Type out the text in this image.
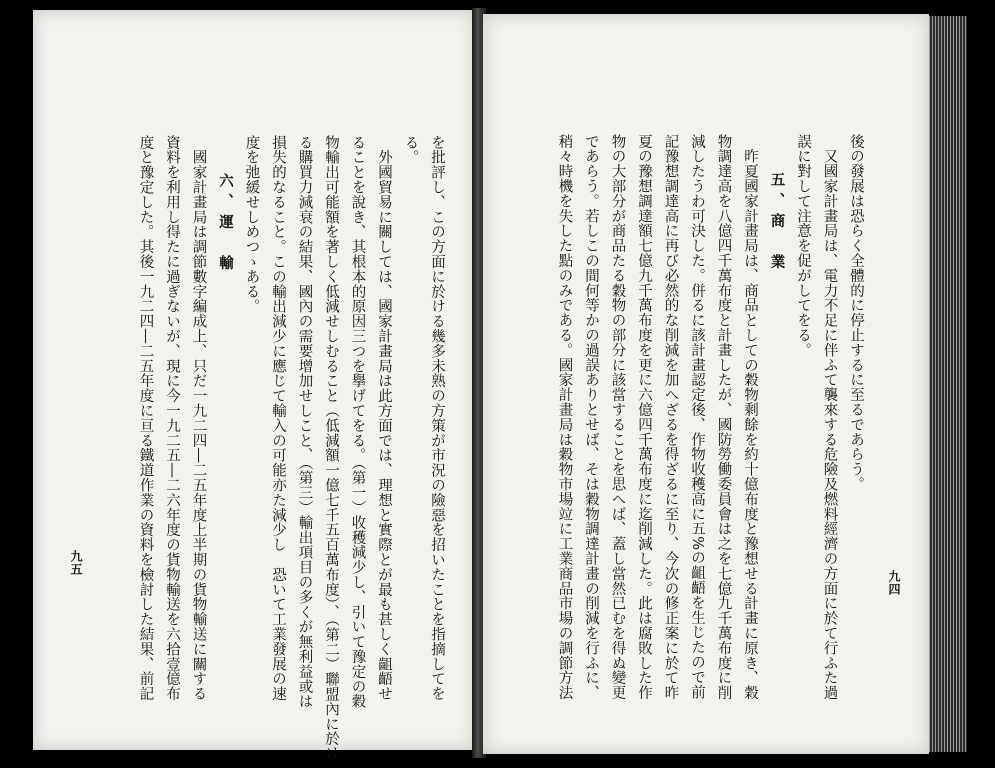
を批評し、この方面に於ける幾多未熟の方策が市況の險惡を招いたことを指摘してを
る。
　外國貿易に關しては、國家計畫局は此方面では、理想と實際とが最も甚しく齟齬せ
ることを說き、其根本的原因三つを擧げてをる。（第一）收穫減少し、引いて豫定の穀
物輸出可能額を著しく低減せしむること（低減額一億七千五百萬布度）、（第二）聯盟內に於け
る購買力減衰の結果、國內の需要增加せしこと、（第三）輸出項目の多くが無利益或は
損失的なること。この輸出減少に應じて輸入の可能亦た減少し　恐いて工業發展の速
度を弛緩せしめつゝある。
六、運　輸
　國家計畫局は調節數字編成上、只だ一九二四―二五年度上半期の貨物輸送に關する
資料を利用し得たに過ぎないが、現に今一九二五―二六年度の貨物輸送を六拾壹億布
度と豫定した。其後一九二四―二五年度に亘る鐵道作業の資料を檢討した結果、前記
九五
後の發展は恐らく全體的に停止するに至るであらう。
　又國家計畫局は、電力不足に伴ふて襲來する危險及燃料經濟の方面に於て行ふた過
誤に對して注意を促がしてをる。
五、商　業
　昨夏國家計畫局は、商品としての穀物剩餘を約十億布度と豫想せる計畫に原き、穀
物調達高を八億四千萬布度と計畫したが、國防勞働委員會は之を七億九千萬布度に削
減したうわ可決した。併るに該計畫認定後、作物收穫高に五%の齟齬を生じたので前
記豫想調達高に再び必然的な削減を加へざるを得ざるに至り、今次の修正案に於て昨
夏の豫想調達額七億九千萬布度を更に六億四千萬布度に迄削減した。此は腐敗した作
物の大部分が商品たる穀物の部分に該當することを思へば、蓋し當然已むを得ぬ變更
であらう。若しこの間何等かの過誤ありとせば、そは穀物調達計畫の削減を行ふに、
稍々時機を失した點のみである。國家計畫局は穀物市場竝に工業商品市場の調節方法	九四
